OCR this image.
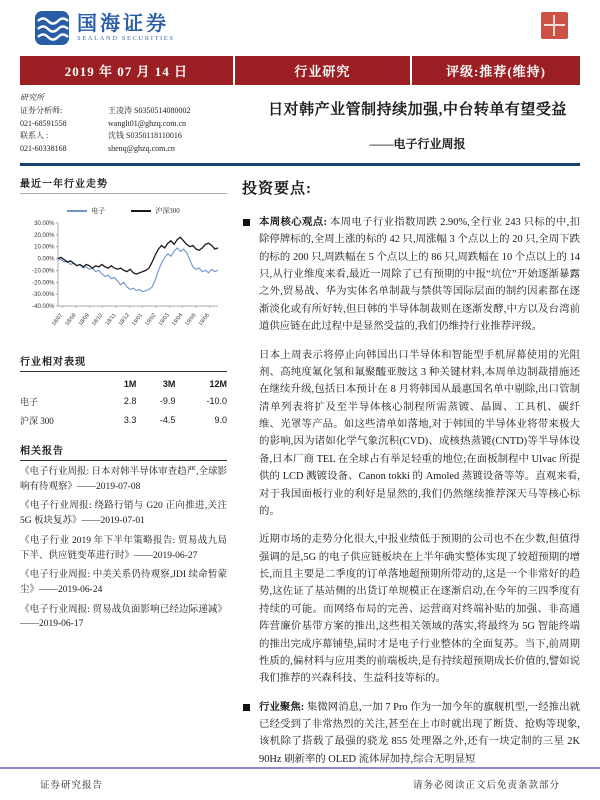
国海证券
SEALAND SECURITIES
2019 年 07 月 14 日	行业研究	评级:推荐(维持)
研究所
证券分析师:	王凌涛 S0350514080002
021-68591558	wanglt01@ghzq.com.cn
联系人 :	沈钱 S0350118110016
021-60338168	shenq@ghzq.com.cn
日对韩产业管制持续加强,中台转单有望受益
——电子行业周报
最近一年行业走势
电子	沪深300
30.00%
20.00%
10.00%
0.00%
-10.00%
-20.00%
-30.00%
-40.00%
18/07 18/08 18/09 18/10 18/11 18/12 19/01 19/02 19/03 19/04 19/05 19/06
行业相对表现
	1M	3M	12M
电子	2.8	-9.9	-10.0
沪深 300	3.3	-4.5	9.0
相关报告
《电子行业周报: 日本对韩半导体审查趋严,全球影响有待观察》——2019-07-08
《电子行业周报: 绕路行销与 G20 正向推进,关注 5G 板块复苏》——2019-07-01
《电子行业 2019 年下半年策略报告: 贸易战九局下半、供应链变革进行时》——2019-06-27
《电子行业周报: 中美关系仍待观察,JDI 续命暂蒙尘》——2019-06-24
《电子行业周报: 贸易战负面影响已经边际递减》——2019-06-17
投资要点:
本周核心观点: 本周电子行业指数周跌 2.90%,全行业 243 只标的中,扣除停牌标的,全周上涨的标的 42 只,周涨幅 3 个点以上的 20 只,全周下跌的标的 200 只,周跌幅在 5 个点以上的 86 只,周跌幅在 10 个点以上的 14 只,从行业维度来看,最近一周除了已有预期的中报“坑位”开始逐渐暴露之外,贸易战、华为实体名单制裁与禁供等国际层面的制约因素都在逐渐淡化或有所好转,但日韩的半导体制裁则在逐渐发酵,中方以及台湾前道供应链在此过程中是显然受益的,我们仍维持行业推荐评级。
日本上周表示将停止向韩国出口半导体和智能型手机屏幕使用的光阻剂、高纯度氟化氢和氟聚醯亚胺这 3 种关键材料,本周单边制裁措施还在继续升级,包括日本预计在 8 月将韩国从最惠国名单中剔除,出口管制清单列表将扩及至半导体核心制程所需蒸镀、晶圆、工具机、碳纤维、光罩等产品。如这些清单如落地,对于韩国的半导体业将带来极大的影响,因为诸如化学气象沉积(CVD)、成核热蒸镀(CNTD)等半导体设备,日本厂商 TEL 在全球占有举足轻重的地位;在面板制程中 Ulvac 所提供的 LCD 溅镀设备、Canon tokki 的 Amoled 蒸镀设备等等。直观来看,对于我国面板行业的利好是显然的,我们仍然继续推荐深天马等核心标的。
近期市场的走势分化很大,中报业绩低于预期的公司也不在少数,但值得强调的是,5G 的电子供应链板块在上半年确实整体实现了较超预期的增长,而且主要是二季度的订单落地超预期所带动的,这是一个非常好的趋势,这佐证了基站侧的出货订单规模正在逐渐启动,在今年的三四季度有持续的可能。而网络布局的完善、运营商对终端补贴的加强、非高通阵营廉价基带方案的推出,这些相关领域的落实,将最终为 5G 智能终端的推出完成序幕铺垫,届时才是电子行业整体的全面复苏。当下,前周期性质的,偏材料与应用类的前端板块,是有持续超预期成长价值的,譬如说我们推荐的兴森科技、生益科技等标的。
行业聚焦: 集微网消息,一加 7 Pro 作为一加今年的旗舰机型,一经推出就已经受到了非常热烈的关注,甚至在上市时就出现了断货、抢购等现象,该机除了搭载了最强的骁龙 855 处理器之外,还有一块定制的三星 2K 90Hz 刷新率的 OLED 流体屏加持,综合无明显短
证券研究报告	请务必阅读正文后免责条款部分
